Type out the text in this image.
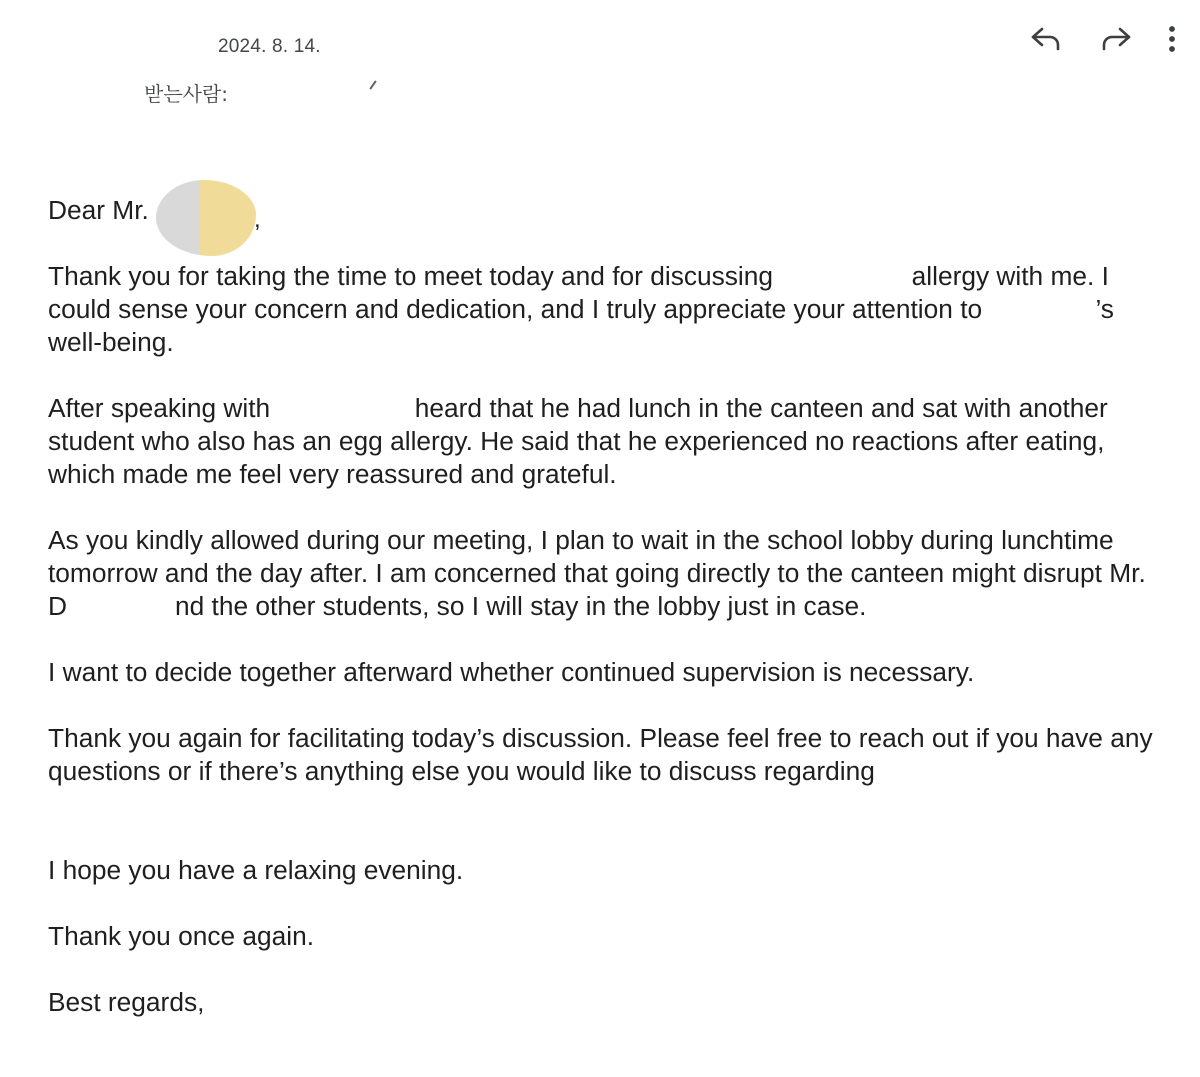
2024. 8. 14.
받는사람:
,

Dear Mr.

Thank you for taking the time to meet today and for discussing	allergy with me. I could sense your concern and dedication, and I truly appreciate your attention to	’s well-being.

After speaking with	heard that he had lunch in the canteen and sat with another student who also has an egg allergy. He said that he experienced no reactions after eating, which made me feel very reassured and grateful.

As you kindly allowed during our meeting, I plan to wait in the school lobby during lunchtime tomorrow and the day after. I am concerned that going directly to the canteen might disrupt Mr. D	nd the other students, so I will stay in the lobby just in case.

I want to decide together afterward whether continued supervision is necessary.

Thank you again for facilitating today’s discussion. Please feel free to reach out if you have any questions or if there’s anything else you would like to discuss regarding

I hope you have a relaxing evening.

Thank you once again.

Best regards,
